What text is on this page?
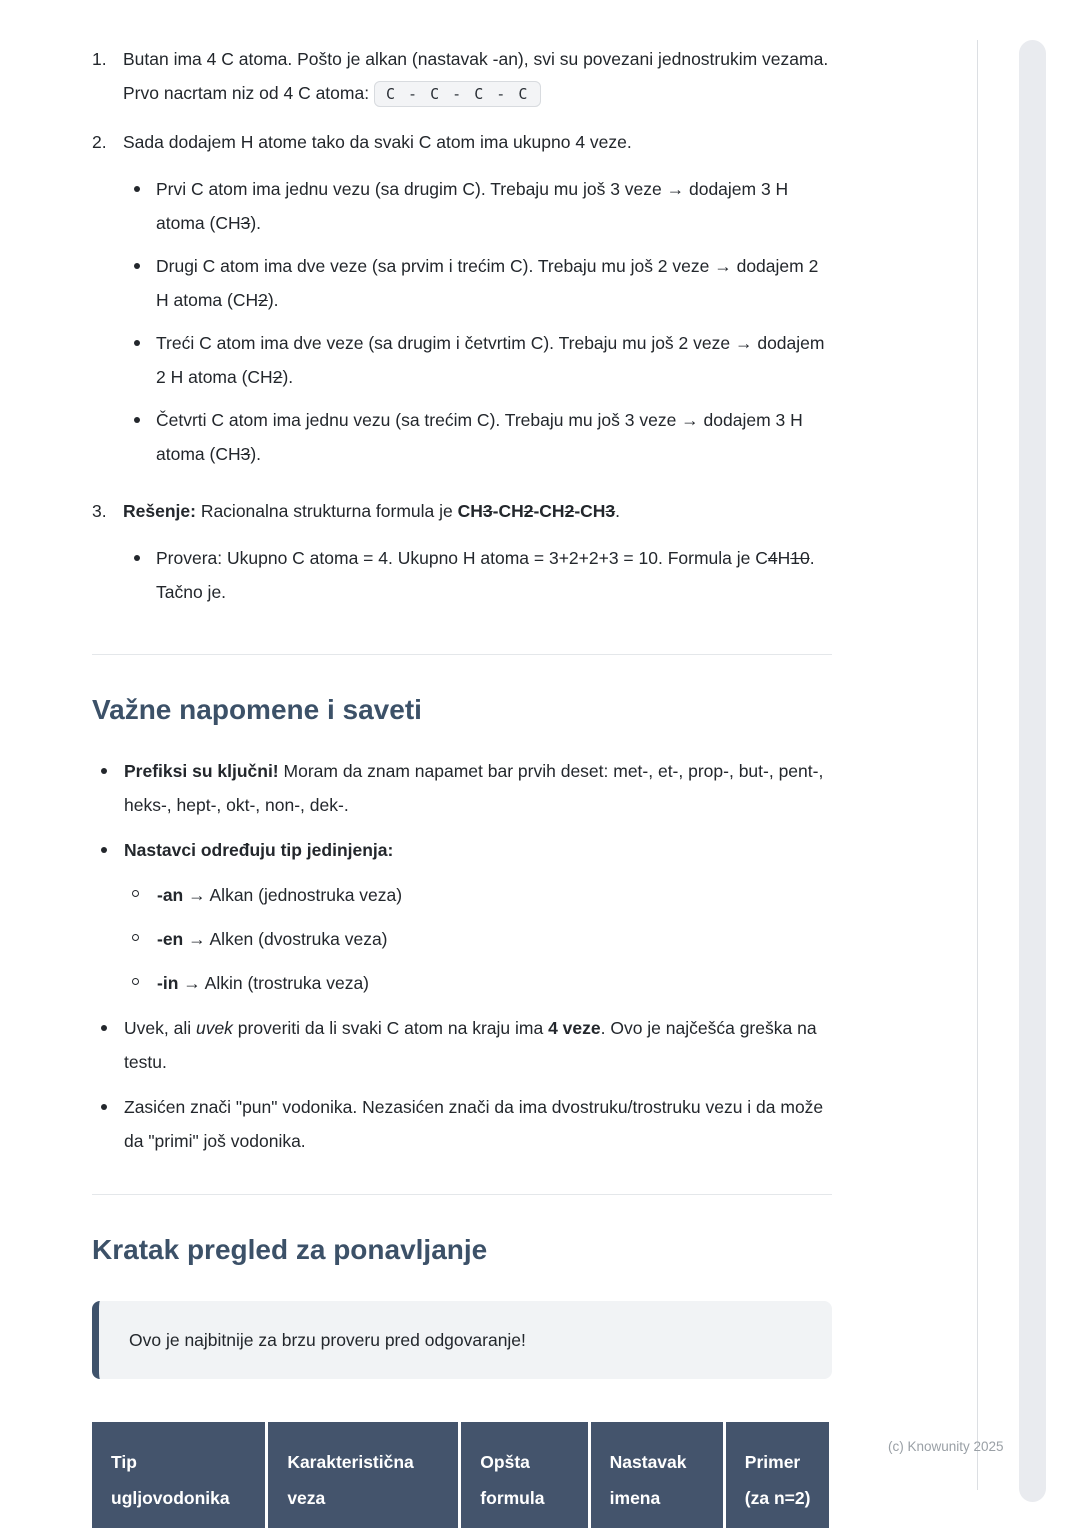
1. Butan ima 4 C atoma. Pošto je alkan (nastavak -an), svi su povezani jednostrukim vezama. Prvo nacrtam niz od 4 C atoma: C - C - C - C
2. Sada dodajem H atome tako da svaki C atom ima ukupno 4 veze.
Prvi C atom ima jednu vezu (sa drugim C). Trebaju mu još 3 veze → dodajem 3 H atoma (CH3).
Drugi C atom ima dve veze (sa prvim i trećim C). Trebaju mu još 2 veze → dodajem 2 H atoma (CH2).
Treći C atom ima dve veze (sa drugim i četvrtim C). Trebaju mu još 2 veze → dodajem 2 H atoma (CH2).
Četvrti C atom ima jednu vezu (sa trećim C). Trebaju mu još 3 veze → dodajem 3 H atoma (CH3).
3. Rešenje: Racionalna strukturna formula je CH3-CH2-CH2-CH3.
Provera: Ukupno C atoma = 4. Ukupno H atoma = 3+2+2+3 = 10. Formula je C4H10. Tačno je.
Važne napomene i saveti
Prefiksi su ključni! Moram da znam napamet bar prvih deset: met-, et-, prop-, but-, pent-, heks-, hept-, okt-, non-, dek-.
Nastavci određuju tip jedinjenja:
-an → Alkan (jednostruka veza)
-en → Alken (dvostruka veza)
-in → Alkin (trostruka veza)
Uvek, ali uvek proveriti da li svaki C atom na kraju ima 4 veze. Ovo je najčešća greška na testu.
Zasićen znači "pun" vodonika. Nezasićen znači da ima dvostruku/trostruku vezu i da može da "primi" još vodonika.
Kratak pregled za ponavljanje
Ovo je najbitnije za brzu proveru pred odgovaranje!
Tip ugljovodonika	Karakteristična veza	Opšta formula	Nastavak imena	Primer (za n=2)
(c) Knowunity 2025
